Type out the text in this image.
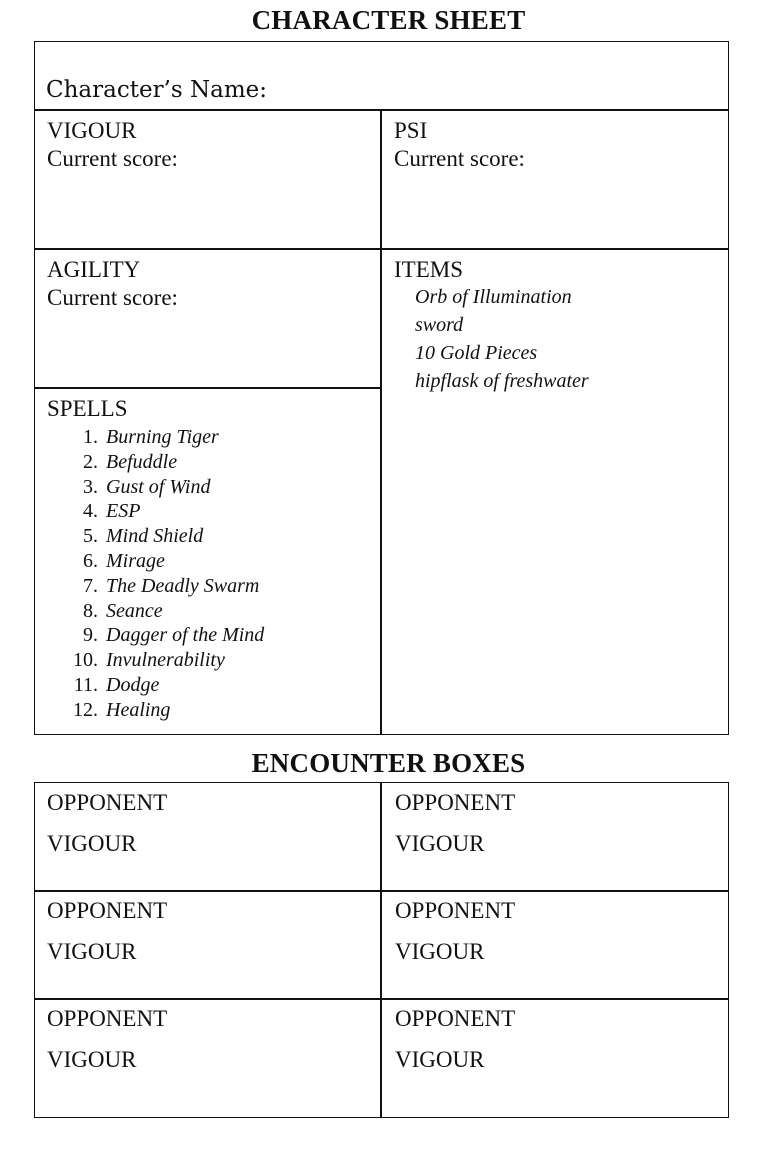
CHARACTER SHEET
Character’s Name:
VIGOUR
Current score:
PSI
Current score:
AGILITY
Current score:
ITEMS
Orb of Illumination
sword
10 Gold Pieces
hipflask of freshwater
SPELLS
1. Burning Tiger
2. Befuddle
3. Gust of Wind
4. ESP
5. Mind Shield
6. Mirage
7. The Deadly Swarm
8. Seance
9. Dagger of the Mind
10. Invulnerability
11. Dodge
12. Healing
ENCOUNTER BOXES
OPPONENT
VIGOUR
OPPONENT
VIGOUR
OPPONENT
VIGOUR
OPPONENT
VIGOUR
OPPONENT
VIGOUR
OPPONENT
VIGOUR
